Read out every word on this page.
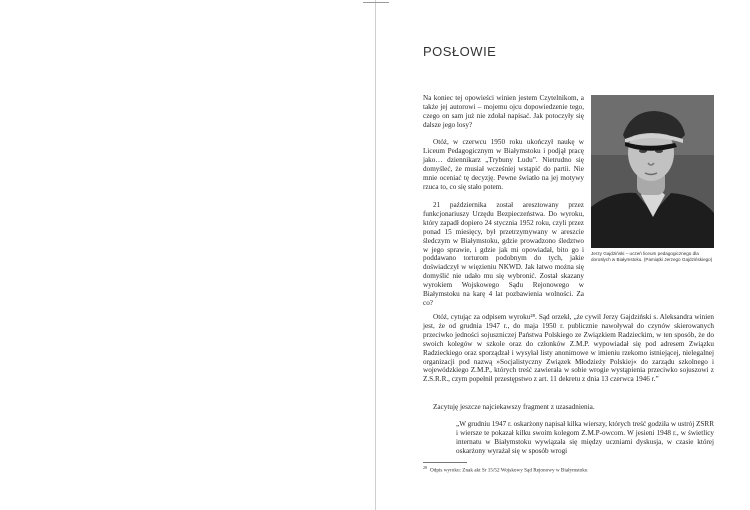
POSŁOWIE
Jerzy Gajdziński – uczeń liceum pedagogicznego dla dorosłych w Białymstoku. (Pamiątki Jerzego Gajdzińskiego)

Na koniec tej opowieści winien jestem Czytelnikom, a także jej autorowi – mojemu ojcu dopowiedzenie tego, czego on sam już nie zdołał napisać. Jak potoczyły się dalsze jego losy?

Otóż, w czerwcu 1950 roku ukończył naukę w Liceum Pedagogicznym w Białymstoku i podjął pracę jako… dziennikarz „Trybuny Ludu”. Nietrudno się domyśleć, że musiał wcześniej wstąpić do partii. Nie mnie oceniać tę decyzję. Pewne światło na jej motywy rzuca to, co się stało potem.

21 października został aresztowany przez funkcjonariuszy Urzędu Bezpieczeństwa. Do wyroku, który zapadł dopiero 24 stycznia 1952 roku, czyli przez ponad 15 miesięcy, był przetrzymywany w areszcie śledczym w Białymstoku, gdzie prowadzono śledztwo w jego sprawie, i gdzie jak mi opowiadał, bito go i poddawano torturom podobnym do tych, jakie doświadczył w więzieniu NKWD. Jak łatwo można się domyślić nie udało mu się wybronić. Został skazany wyrokiem Wojskowego Sądu Rejonowego w Białymstoku na karę 4 lat pozbawienia wolności. Za co?

Otóż, cytując za odpisem wyroku²⁸. Sąd orzekł, „że cywil Jerzy Gajdziński s. Aleksandra winien jest, że od grudnia 1947 r., do maja 1950 r. publicznie nawoływał do czynów skierowanych przeciwko jedności sojuszniczej Państwa Polskiego ze Związkiem Radzieckim, w ten sposób, że do swoich kolegów w szkole oraz do członków Z.M.P. wypowiadał się pod adresem Związku Radzieckiego oraz sporządzał i wysyłał listy anonimowe w imieniu rzekomo istniejącej, nielegalnej organizacji pod nazwą »Socjalistyczny Związek Młodzieży Polskiej« do zarządu szkolnego i wojewódzkiego Z.M.P., których treść zawierała w sobie wrogie wystąpienia przeciwko sojuszowi z Z.S.R.R., czym popełnił przestępstwo z art. 11 dekretu z dnia 13 czerwca 1946 r.”

Zacytuję jeszcze najciekawszy fragment z uzasadnienia.

„W grudniu 1947 r. oskarżony napisał kilka wierszy, których treść godziła w ustrój ZSRR i wiersze te pokazał kilku swoim kolegom Z.M.P-owcom. W jesieni 1948 r., w świetlicy internatu w Białymstoku wywiązała się między uczniami dyskusja, w czasie której oskarżony wyrażał się w sposób wrogi

$^{28}$Odpis wyroku: Znak akt Sr 15/52 Wojskowy Sąd Rejonowy w Białymstoku
